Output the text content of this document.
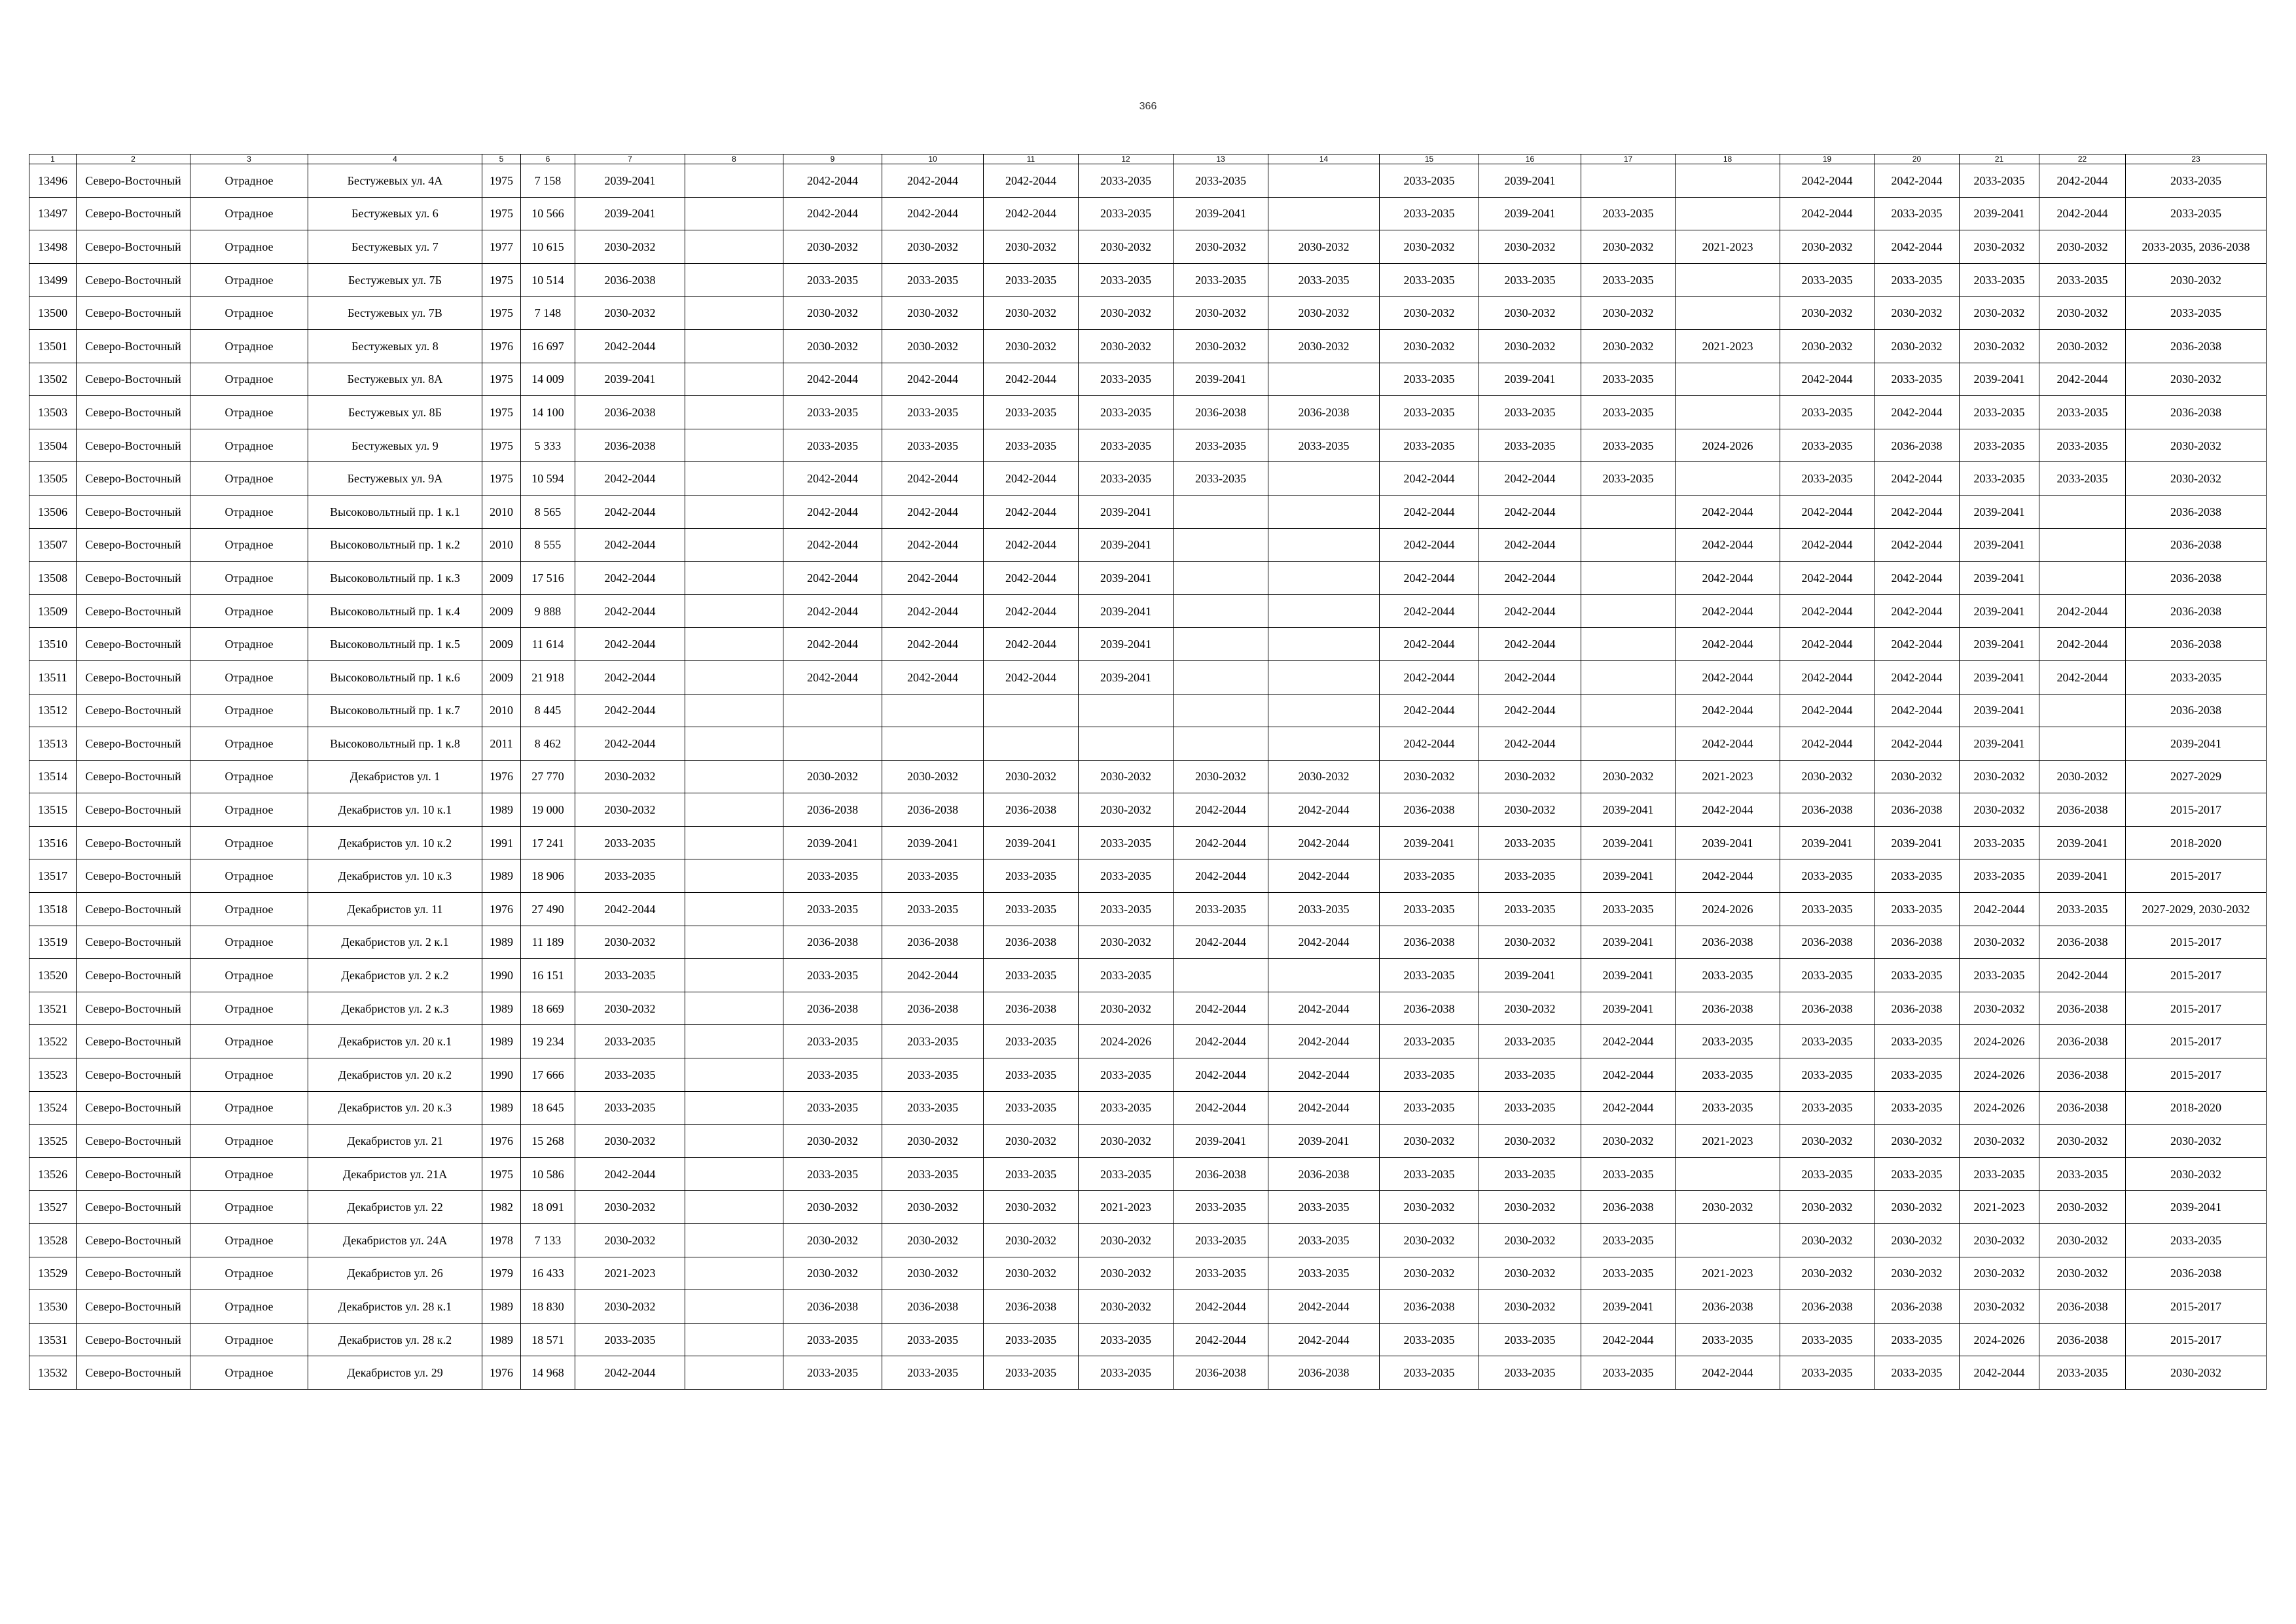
366
1	2	3	4	5	6	7	8	9	10	11	12	13	14	15	16	17	18	19	20	21	22	23
13496	Северо-Восточный	Отрадное	Бестужевых ул. 4А	1975	7 158	2039-2041		2042-2044	2042-2044	2042-2044	2033-2035	2033-2035		2033-2035	2039-2041			2042-2044	2042-2044	2033-2035	2042-2044	2033-2035
13497	Северо-Восточный	Отрадное	Бестужевых ул. 6	1975	10 566	2039-2041		2042-2044	2042-2044	2042-2044	2033-2035	2039-2041		2033-2035	2039-2041	2033-2035		2042-2044	2033-2035	2039-2041	2042-2044	2033-2035
13498	Северо-Восточный	Отрадное	Бестужевых ул. 7	1977	10 615	2030-2032		2030-2032	2030-2032	2030-2032	2030-2032	2030-2032	2030-2032	2030-2032	2030-2032	2030-2032	2021-2023	2030-2032	2042-2044	2030-2032	2030-2032	2033-2035, 2036-2038
13499	Северо-Восточный	Отрадное	Бестужевых ул. 7Б	1975	10 514	2036-2038		2033-2035	2033-2035	2033-2035	2033-2035	2033-2035	2033-2035	2033-2035	2033-2035	2033-2035		2033-2035	2033-2035	2033-2035	2033-2035	2030-2032
13500	Северо-Восточный	Отрадное	Бестужевых ул. 7В	1975	7 148	2030-2032		2030-2032	2030-2032	2030-2032	2030-2032	2030-2032	2030-2032	2030-2032	2030-2032	2030-2032		2030-2032	2030-2032	2030-2032	2030-2032	2033-2035
13501	Северо-Восточный	Отрадное	Бестужевых ул. 8	1976	16 697	2042-2044		2030-2032	2030-2032	2030-2032	2030-2032	2030-2032	2030-2032	2030-2032	2030-2032	2030-2032	2021-2023	2030-2032	2030-2032	2030-2032	2030-2032	2036-2038
13502	Северо-Восточный	Отрадное	Бестужевых ул. 8А	1975	14 009	2039-2041		2042-2044	2042-2044	2042-2044	2033-2035	2039-2041		2033-2035	2039-2041	2033-2035		2042-2044	2033-2035	2039-2041	2042-2044	2030-2032
13503	Северо-Восточный	Отрадное	Бестужевых ул. 8Б	1975	14 100	2036-2038		2033-2035	2033-2035	2033-2035	2033-2035	2036-2038	2036-2038	2033-2035	2033-2035	2033-2035		2033-2035	2042-2044	2033-2035	2033-2035	2036-2038
13504	Северо-Восточный	Отрадное	Бестужевых ул. 9	1975	5 333	2036-2038		2033-2035	2033-2035	2033-2035	2033-2035	2033-2035	2033-2035	2033-2035	2033-2035	2033-2035	2024-2026	2033-2035	2036-2038	2033-2035	2033-2035	2030-2032
13505	Северо-Восточный	Отрадное	Бестужевых ул. 9А	1975	10 594	2042-2044		2042-2044	2042-2044	2042-2044	2033-2035	2033-2035		2042-2044	2042-2044	2033-2035		2033-2035	2042-2044	2033-2035	2033-2035	2030-2032
13506	Северо-Восточный	Отрадное	Высоковольтный пр. 1 к.1	2010	8 565	2042-2044		2042-2044	2042-2044	2042-2044	2039-2041			2042-2044	2042-2044		2042-2044	2042-2044	2042-2044	2039-2041		2036-2038
13507	Северо-Восточный	Отрадное	Высоковольтный пр. 1 к.2	2010	8 555	2042-2044		2042-2044	2042-2044	2042-2044	2039-2041			2042-2044	2042-2044		2042-2044	2042-2044	2042-2044	2039-2041		2036-2038
13508	Северо-Восточный	Отрадное	Высоковольтный пр. 1 к.3	2009	17 516	2042-2044		2042-2044	2042-2044	2042-2044	2039-2041			2042-2044	2042-2044		2042-2044	2042-2044	2042-2044	2039-2041		2036-2038
13509	Северо-Восточный	Отрадное	Высоковольтный пр. 1 к.4	2009	9 888	2042-2044		2042-2044	2042-2044	2042-2044	2039-2041			2042-2044	2042-2044		2042-2044	2042-2044	2042-2044	2039-2041	2042-2044	2036-2038
13510	Северо-Восточный	Отрадное	Высоковольтный пр. 1 к.5	2009	11 614	2042-2044		2042-2044	2042-2044	2042-2044	2039-2041			2042-2044	2042-2044		2042-2044	2042-2044	2042-2044	2039-2041	2042-2044	2036-2038
13511	Северо-Восточный	Отрадное	Высоковольтный пр. 1 к.6	2009	21 918	2042-2044		2042-2044	2042-2044	2042-2044	2039-2041			2042-2044	2042-2044		2042-2044	2042-2044	2042-2044	2039-2041	2042-2044	2033-2035
13512	Северо-Восточный	Отрадное	Высоковольтный пр. 1 к.7	2010	8 445	2042-2044								2042-2044	2042-2044		2042-2044	2042-2044	2042-2044	2039-2041		2036-2038
13513	Северо-Восточный	Отрадное	Высоковольтный пр. 1 к.8	2011	8 462	2042-2044								2042-2044	2042-2044		2042-2044	2042-2044	2042-2044	2039-2041		2039-2041
13514	Северо-Восточный	Отрадное	Декабристов ул. 1	1976	27 770	2030-2032		2030-2032	2030-2032	2030-2032	2030-2032	2030-2032	2030-2032	2030-2032	2030-2032	2030-2032	2021-2023	2030-2032	2030-2032	2030-2032	2030-2032	2027-2029
13515	Северо-Восточный	Отрадное	Декабристов ул. 10 к.1	1989	19 000	2030-2032		2036-2038	2036-2038	2036-2038	2030-2032	2042-2044	2042-2044	2036-2038	2030-2032	2039-2041	2042-2044	2036-2038	2036-2038	2030-2032	2036-2038	2015-2017
13516	Северо-Восточный	Отрадное	Декабристов ул. 10 к.2	1991	17 241	2033-2035		2039-2041	2039-2041	2039-2041	2033-2035	2042-2044	2042-2044	2039-2041	2033-2035	2039-2041	2039-2041	2039-2041	2039-2041	2033-2035	2039-2041	2018-2020
13517	Северо-Восточный	Отрадное	Декабристов ул. 10 к.3	1989	18 906	2033-2035		2033-2035	2033-2035	2033-2035	2033-2035	2042-2044	2042-2044	2033-2035	2033-2035	2039-2041	2042-2044	2033-2035	2033-2035	2033-2035	2039-2041	2015-2017
13518	Северо-Восточный	Отрадное	Декабристов ул. 11	1976	27 490	2042-2044		2033-2035	2033-2035	2033-2035	2033-2035	2033-2035	2033-2035	2033-2035	2033-2035	2033-2035	2024-2026	2033-2035	2033-2035	2042-2044	2033-2035	2027-2029, 2030-2032
13519	Северо-Восточный	Отрадное	Декабристов ул. 2 к.1	1989	11 189	2030-2032		2036-2038	2036-2038	2036-2038	2030-2032	2042-2044	2042-2044	2036-2038	2030-2032	2039-2041	2036-2038	2036-2038	2036-2038	2030-2032	2036-2038	2015-2017
13520	Северо-Восточный	Отрадное	Декабристов ул. 2 к.2	1990	16 151	2033-2035		2033-2035	2042-2044	2033-2035	2033-2035			2033-2035	2039-2041	2039-2041	2033-2035	2033-2035	2033-2035	2033-2035	2042-2044	2015-2017
13521	Северо-Восточный	Отрадное	Декабристов ул. 2 к.3	1989	18 669	2030-2032		2036-2038	2036-2038	2036-2038	2030-2032	2042-2044	2042-2044	2036-2038	2030-2032	2039-2041	2036-2038	2036-2038	2036-2038	2030-2032	2036-2038	2015-2017
13522	Северо-Восточный	Отрадное	Декабристов ул. 20 к.1	1989	19 234	2033-2035		2033-2035	2033-2035	2033-2035	2024-2026	2042-2044	2042-2044	2033-2035	2033-2035	2042-2044	2033-2035	2033-2035	2033-2035	2024-2026	2036-2038	2015-2017
13523	Северо-Восточный	Отрадное	Декабристов ул. 20 к.2	1990	17 666	2033-2035		2033-2035	2033-2035	2033-2035	2033-2035	2042-2044	2042-2044	2033-2035	2033-2035	2042-2044	2033-2035	2033-2035	2033-2035	2024-2026	2036-2038	2015-2017
13524	Северо-Восточный	Отрадное	Декабристов ул. 20 к.3	1989	18 645	2033-2035		2033-2035	2033-2035	2033-2035	2033-2035	2042-2044	2042-2044	2033-2035	2033-2035	2042-2044	2033-2035	2033-2035	2033-2035	2024-2026	2036-2038	2018-2020
13525	Северо-Восточный	Отрадное	Декабристов ул. 21	1976	15 268	2030-2032		2030-2032	2030-2032	2030-2032	2030-2032	2039-2041	2039-2041	2030-2032	2030-2032	2030-2032	2021-2023	2030-2032	2030-2032	2030-2032	2030-2032	2030-2032
13526	Северо-Восточный	Отрадное	Декабристов ул. 21А	1975	10 586	2042-2044		2033-2035	2033-2035	2033-2035	2033-2035	2036-2038	2036-2038	2033-2035	2033-2035	2033-2035		2033-2035	2033-2035	2033-2035	2033-2035	2030-2032
13527	Северо-Восточный	Отрадное	Декабристов ул. 22	1982	18 091	2030-2032		2030-2032	2030-2032	2030-2032	2021-2023	2033-2035	2033-2035	2030-2032	2030-2032	2036-2038	2030-2032	2030-2032	2030-2032	2021-2023	2030-2032	2039-2041
13528	Северо-Восточный	Отрадное	Декабристов ул. 24А	1978	7 133	2030-2032		2030-2032	2030-2032	2030-2032	2030-2032	2033-2035	2033-2035	2030-2032	2030-2032	2033-2035		2030-2032	2030-2032	2030-2032	2030-2032	2033-2035
13529	Северо-Восточный	Отрадное	Декабристов ул. 26	1979	16 433	2021-2023		2030-2032	2030-2032	2030-2032	2030-2032	2033-2035	2033-2035	2030-2032	2030-2032	2033-2035	2021-2023	2030-2032	2030-2032	2030-2032	2030-2032	2036-2038
13530	Северо-Восточный	Отрадное	Декабристов ул. 28 к.1	1989	18 830	2030-2032		2036-2038	2036-2038	2036-2038	2030-2032	2042-2044	2042-2044	2036-2038	2030-2032	2039-2041	2036-2038	2036-2038	2036-2038	2030-2032	2036-2038	2015-2017
13531	Северо-Восточный	Отрадное	Декабристов ул. 28 к.2	1989	18 571	2033-2035		2033-2035	2033-2035	2033-2035	2033-2035	2042-2044	2042-2044	2033-2035	2033-2035	2042-2044	2033-2035	2033-2035	2033-2035	2024-2026	2036-2038	2015-2017
13532	Северо-Восточный	Отрадное	Декабристов ул. 29	1976	14 968	2042-2044		2033-2035	2033-2035	2033-2035	2033-2035	2036-2038	2036-2038	2033-2035	2033-2035	2033-2035	2042-2044	2033-2035	2033-2035	2042-2044	2033-2035	2030-2032
